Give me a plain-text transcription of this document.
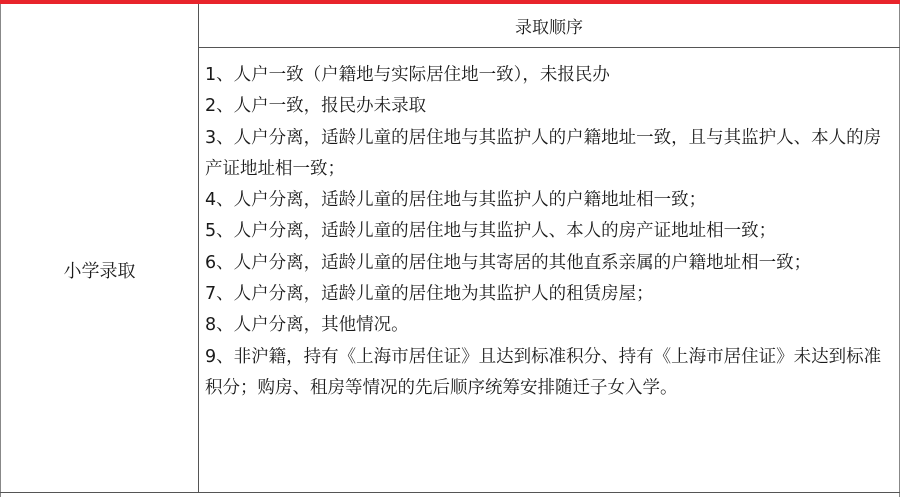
录取顺序
小学录取

1、人户一致（户籍地与实际居住地一致），未报民办

2、人户一致，报民办未录取

3、人户分离，适龄儿童的居住地与其监护人的户籍地址一致，且与其监护人、本人的房产证地址相一致；

4、人户分离，适龄儿童的居住地与其监护人的户籍地址相一致；

5、人户分离，适龄儿童的居住地与其监护人、本人的房产证地址相一致；

6、人户分离，适龄儿童的居住地与其寄居的其他直系亲属的户籍地址相一致；

7、人户分离，适龄儿童的居住地为其监护人的租赁房屋；

8、人户分离，其他情况。

9、非沪籍，持有《上海市居住证》且达到标准积分、持有《上海市居住证》未达到标准积分；购房、租房等情况的先后顺序统筹安排随迁子女入学。
